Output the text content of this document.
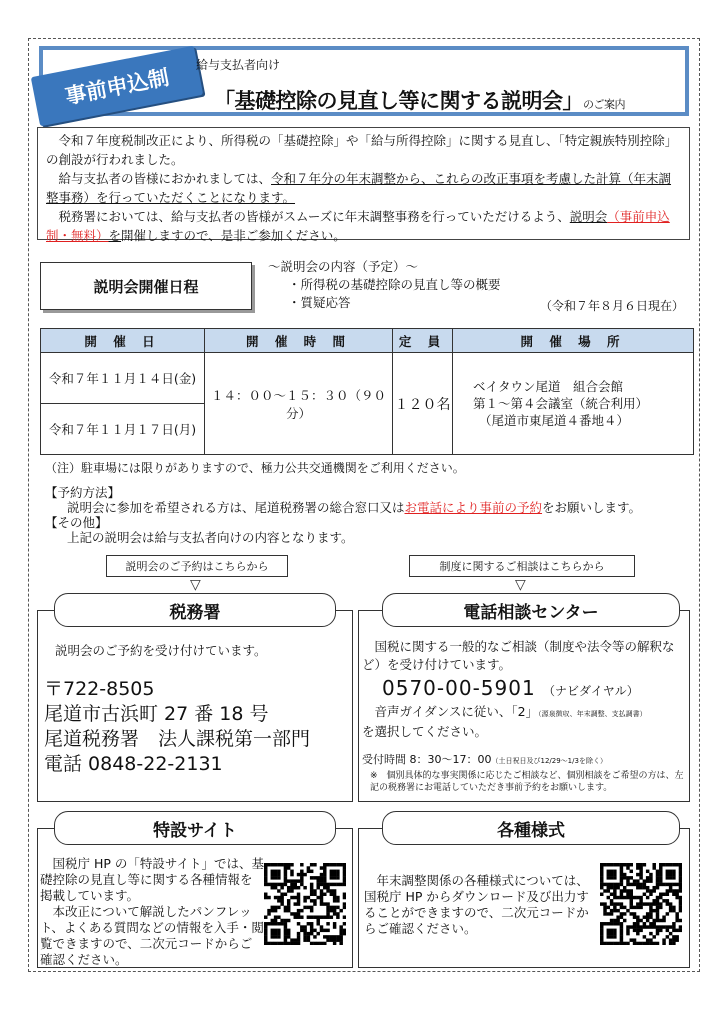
事前申込制
給与支払者向け
「基礎控除の見直し等に関する説明会」のご案内

令和７年度税制改正により、所得税の「基礎控除」や「給与所得控除」に関する見直し、「特定親族特別控除」の創設が行われました。

給与支払者の皆様におかれましては、令和７年分の年末調整から、これらの改正事項を考慮した計算（年末調整事務）を行っていただくことになります。

税務署においては、給与支払者の皆様がスムーズに年末調整事務を行っていただけるよう、説明会（事前申込制・無料）を開催しますので、是非ご参加ください。

説明会開催日程
～説明会の内容（予定）～
・所得税の基礎控除の見直し等の概要
・質疑応答	（令和７年８月６日現在）
開 催 日	開 催 時 間	定 員	開 催 場 所
令和７年１１月１４日(金)	１４：００～１５：３０（９０分）	１２０名	ベイタウン尾道　組合会館
第１～第４会議室（統合利用）
（尾道市東尾道４番地４）

令和７年１１月１７日(月)			
（注）駐車場には限りがありますので、極力公共交通機関をご利用ください。
【予約方法】
説明会に参加を希望される方は、尾道税務署の総合窓口又はお電話により事前の予約をお願いします。
【その他】
上記の説明会は給与支払者向けの内容となります。
説明会のご予約はこちらから
▽
制度に関するご相談はこちらから
▽
税務署
説明会のご予約を受け付けています。
〒722-8505
尾道市古浜町 27 番 18 号
尾道税務署　法人課税第一部門
電話 0848-22-2131
電話相談センター
国税に関する一般的なご相談（制度や法令等の解釈など）を受け付けています。
0570-00-5901 （ナビダイヤル）
音声ガイダンスに従い、「2」（源泉徴収、年末調整、支払調書）
を選択してください。
受付時間 8：30～17：00（土日祝日及び12/29～1/3を除く）
※　個別具体的な事実関係に応じたご相談など、個別相談をご希望の方は、左記の税務署にお電話していただき事前予約をお願いします。
特設サイト
国税庁 HP の「特設サイト」では、基礎控除の見直し等に関する各種情報を掲載しています。
本改正について解説したパンフレット、よくある質問などの情報を入手・閲覧できますので、二次元コードからご確認ください。
各種様式
年末調整関係の各種様式については、国税庁 HP からダウンロード及び出力することができますので、二次元コードからご確認ください。
